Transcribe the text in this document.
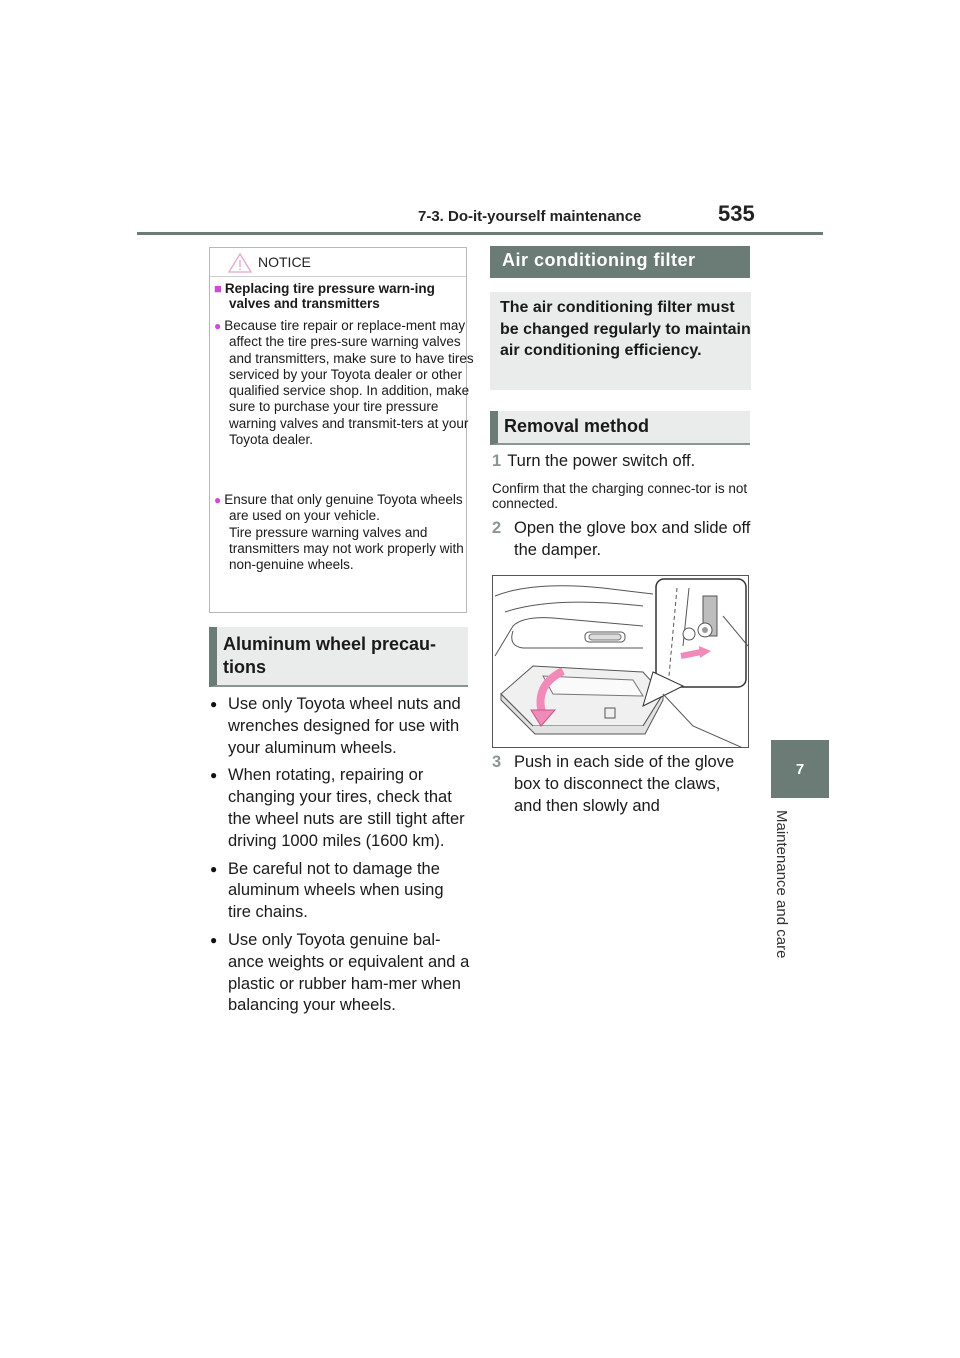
7-3. Do-it-yourself maintenance	535
7
Maintenance and care
NOTICE
■ Replacing tire pressure warn-ing valves and transmitters
● Because tire repair or replace-ment may affect the tire pres-sure warning valves and transmitters, make sure to have tires serviced by your Toyota dealer or other qualified service shop. In addition, make sure to purchase your tire pressure warning valves and transmit-ters at your Toyota dealer.
● Ensure that only genuine Toyota wheels are used on your vehicle.
Tire pressure warning valves and transmitters may not work properly with non-genuine wheels.
Aluminum wheel precau-tions
● Use only Toyota wheel nuts and wrenches designed for use with your aluminum wheels.
● When rotating, repairing or changing your tires, check that the wheel nuts are still tight after driving 1000 miles (1600 km).
● Be careful not to damage the aluminum wheels when using tire chains.
● Use only Toyota genuine bal-ance weights or equivalent and a plastic or rubber ham-mer when balancing your wheels.
Air conditioning filter
The air conditioning filter must be changed regularly to maintain air conditioning efficiency.
Removal method
1 Turn the power switch off.
Confirm that the charging connec-tor is not connected.
2 Open the glove box and slide off the damper.
3 Push in each side of the glove box to disconnect the claws, and then slowly and
